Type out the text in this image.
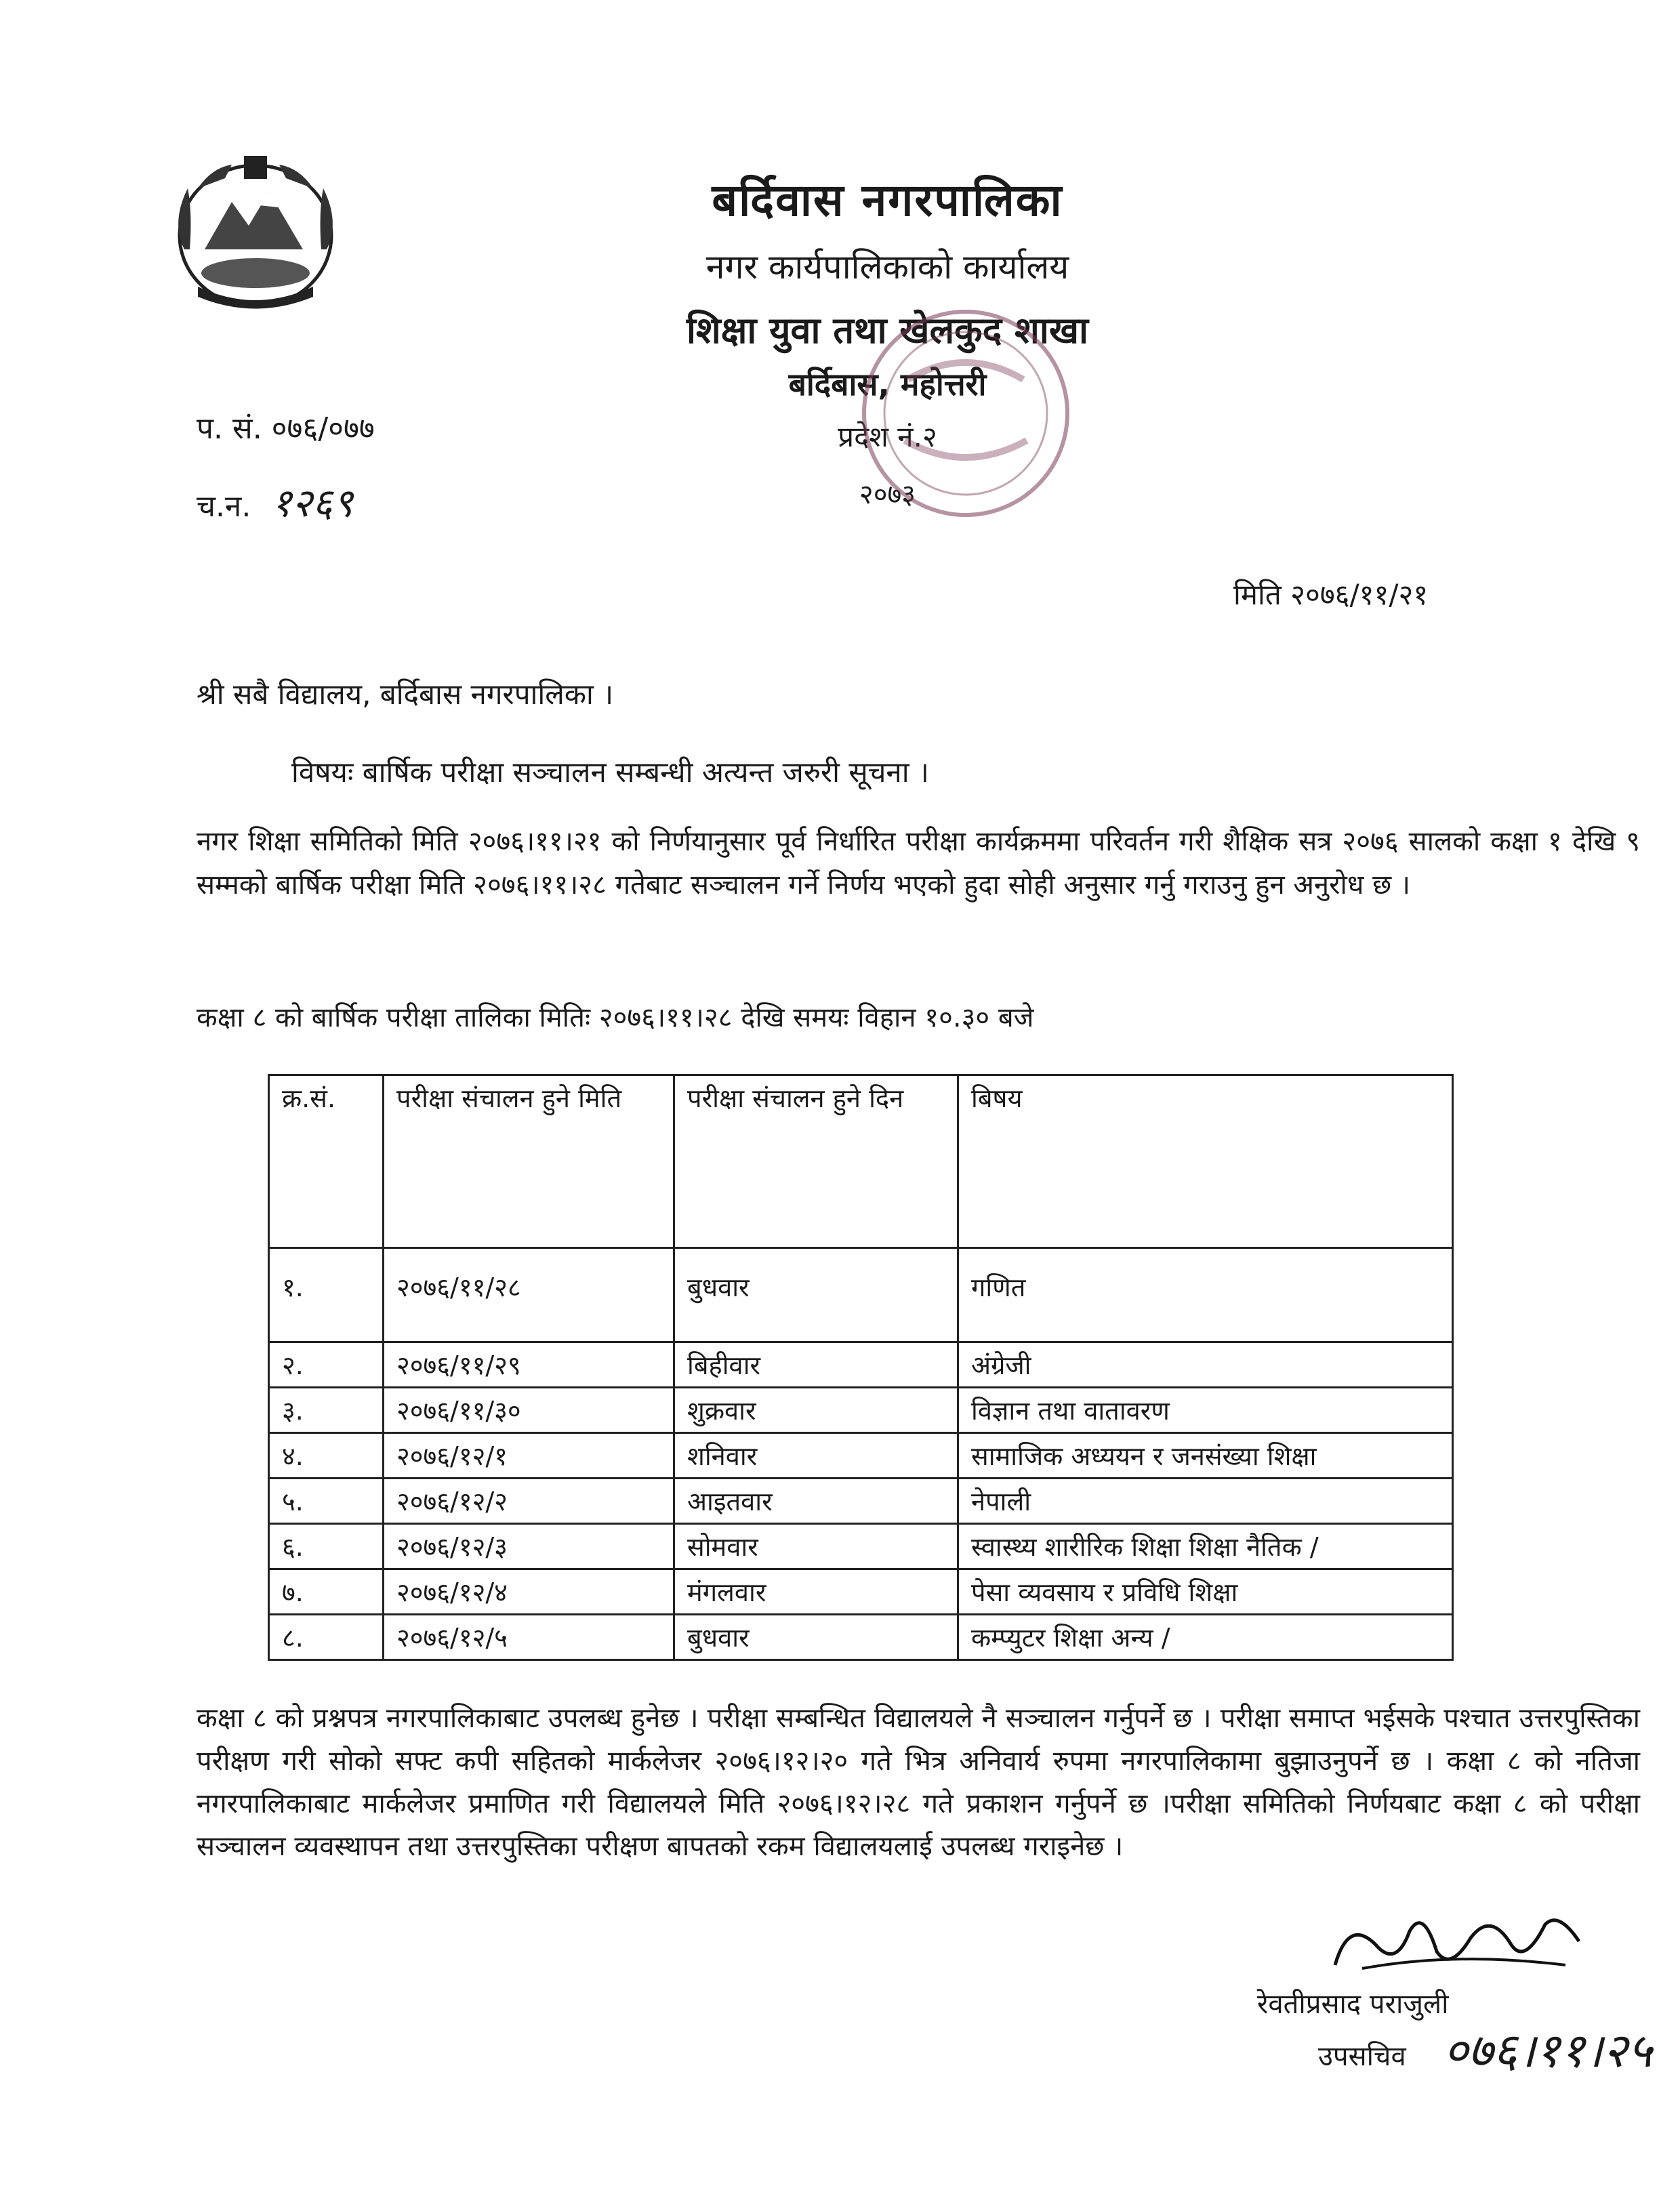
बर्दिवास नगरपालिका
नगर कार्यपालिकाको कार्यालय
शिक्षा युवा तथा खेलकुद शाखा
बर्दिबास, महोत्तरी
प्रदेश नं.२
२०७३
प. सं. ०७६/०७७
च.न. १२६९
मिति २०७६/११/२१
श्री सबै विद्यालय, बर्दिबास नगरपालिका ।
विषयः बार्षिक परीक्षा सञ्चालन सम्बन्धी अत्यन्त जरुरी सूचना ।
नगर शिक्षा समितिको मिति २०७६।११।२१ को निर्णयानुसार पूर्व निर्धारित परीक्षा कार्यक्रममा परिवर्तन गरी शैक्षिक सत्र २०७६ सालको कक्षा १ देखि ९ सम्मको बार्षिक परीक्षा मिति २०७६।११।२८ गतेबाट सञ्चालन गर्ने निर्णय भएको हुदा सोही अनुसार गर्नु गराउनु हुन अनुरोध छ ।
कक्षा ८ को बार्षिक परीक्षा तालिका मितिः २०७६।११।२८ देखि समयः विहान १०.३० बजे
क्र.सं.	परीक्षा संचालन हुने मिति	परीक्षा संचालन हुने दिन	बिषय
१.	२०७६/११/२८	बुधवार	गणित
२.	२०७६/११/२९	बिहीवार	अंग्रेजी
३.	२०७६/११/३०	शुक्रवार	विज्ञान तथा वातावरण
४.	२०७६/१२/१	शनिवार	सामाजिक अध्ययन र जनसंख्या शिक्षा
५.	२०७६/१२/२	आइतवार	नेपाली
६.	२०७६/१२/३	सोमवार	स्वास्थ्य शारीरिक शिक्षा शिक्षा नैतिक /
७.	२०७६/१२/४	मंगलवार	पेसा व्यवसाय र प्रविधि शिक्षा
८.	२०७६/१२/५	बुधवार	कम्प्युटर शिक्षा अन्य /
कक्षा ८ को प्रश्नपत्र नगरपालिकाबाट उपलब्ध हुनेछ । परीक्षा सम्बन्धित विद्यालयले नै सञ्चालन गर्नुपर्ने छ । परीक्षा समाप्त भईसके पश्चात उत्तरपुस्तिका परीक्षण गरी सोको सफ्ट कपी सहितको मार्कलेजर २०७६।१२।२० गते भित्र अनिवार्य रुपमा नगरपालिकामा बुझाउनुपर्ने छ । कक्षा ८ को नतिजा नगरपालिकाबाट मार्कलेजर प्रमाणित गरी विद्यालयले मिति २०७६।१२।२८ गते प्रकाशन गर्नुपर्ने छ ।परीक्षा समितिको निर्णयबाट कक्षा ८ को परीक्षा सञ्चालन व्यवस्थापन तथा उत्तरपुस्तिका परीक्षण बापतको रकम विद्यालयलाई उपलब्ध गराइनेछ ।
रेवतीप्रसाद पराजुली
उपसचिव ०७६।११।२५
